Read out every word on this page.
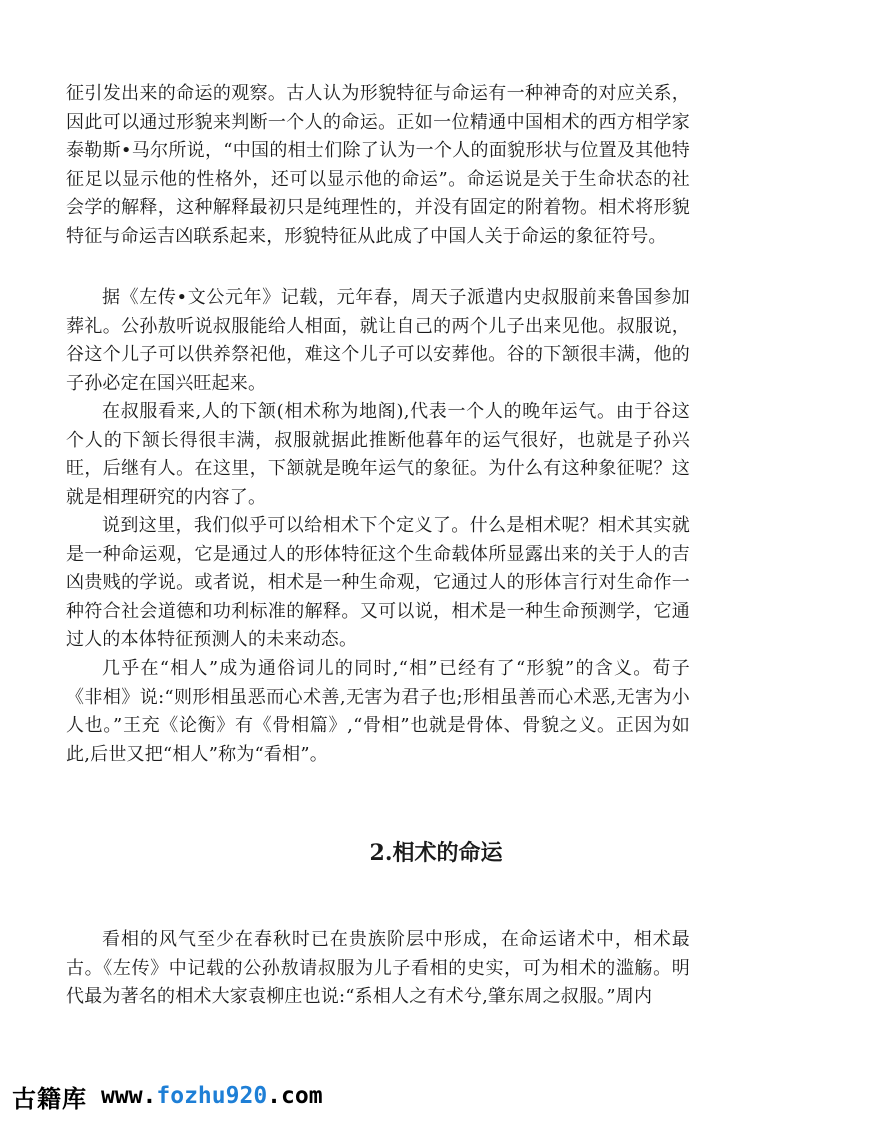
征引发出来的命运的观察。古人认为形貌特征与命运有一种神奇的对应关系，因此可以通过形貌来判断一个人的命运。正如一位精通中国相术的西方相学家泰勒斯•马尔所说，“中国的相士们除了认为一个人的面貌形状与位置及其他特征足以显示他的性格外，还可以显示他的命运”。命运说是关于生命状态的社会学的解释，这种解释最初只是纯理性的，并没有固定的附着物。相术将形貌特征与命运吉凶联系起来，形貌特征从此成了中国人关于命运的象征符号。

据《左传•文公元年》记载，元年春，周天子派遣内史叔服前来鲁国参加葬礼。公孙敖听说叔服能给人相面，就让自己的两个儿子出来见他。叔服说，谷这个儿子可以供养祭祀他，难这个儿子可以安葬他。谷的下颔很丰满，他的子孙必定在国兴旺起来。

在叔服看来,人的下颔(相术称为地阁),代表一个人的晚年运气。由于谷这个人的下颔长得很丰满，叔服就据此推断他暮年的运气很好，也就是子孙兴旺，后继有人。在这里，下颔就是晚年运气的象征。为什么有这种象征呢？这就是相理研究的内容了。

说到这里，我们似乎可以给相术下个定义了。什么是相术呢？相术其实就是一种命运观，它是通过人的形体特征这个生命载体所显露出来的关于人的吉凶贵贱的学说。或者说，相术是一种生命观，它通过人的形体言行对生命作一种符合社会道德和功利标准的解释。又可以说，相术是一种生命预测学，它通过人的本体特征预测人的未来动态。

几乎在“相人”成为通俗词儿的同时,“相”已经有了“形貌”的含义。荀子《非相》说:“则形相虽恶而心术善,无害为君子也;形相虽善而心术恶,无害为小人也。”王充《论衡》有《骨相篇》,“骨相”也就是骨体、骨貌之义。正因为如此,后世又把“相人”称为“看相”。

2.相术的命运

看相的风气至少在春秋时已在贵族阶层中形成，在命运诸术中，相术最古。《左传》中记载的公孙敖请叔服为儿子看相的史实，可为相术的滥觞。明代最为著名的相术大家袁柳庄也说:“系相人之有术兮,肇东周之叔服。”周内

古籍库 www.fozhu920.com
